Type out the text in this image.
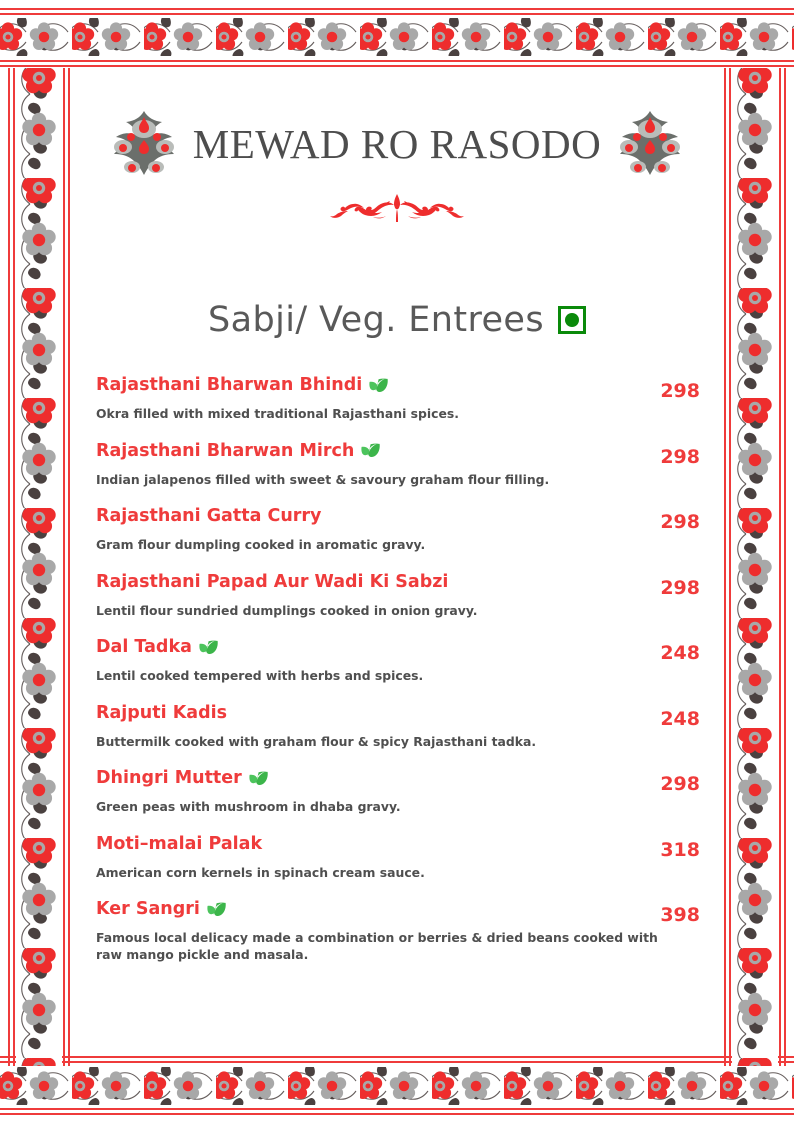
MEWAD RO RASODO
Sabji/ Veg. Entrees
Rajasthani Bharwan Bhindi	298
Okra filled with mixed traditional Rajasthani spices.
Rajasthani Bharwan Mirch	298
Indian jalapenos filled with sweet & savoury graham flour filling.
Rajasthani Gatta Curry	298
Gram flour dumpling cooked in aromatic gravy.
Rajasthani Papad Aur Wadi Ki Sabzi	298
Lentil flour sundried dumplings cooked in onion gravy.
Dal Tadka	248
Lentil cooked tempered with herbs and spices.
Rajputi Kadis	248
Buttermilk cooked with graham flour & spicy Rajasthani tadka.
Dhingri Mutter	298
Green peas with mushroom in dhaba gravy.
Moti–malai Palak	318
American corn kernels in spinach cream sauce.
Ker Sangri	398
Famous local delicacy made a combination or berries & dried beans cooked with raw mango pickle and masala.
